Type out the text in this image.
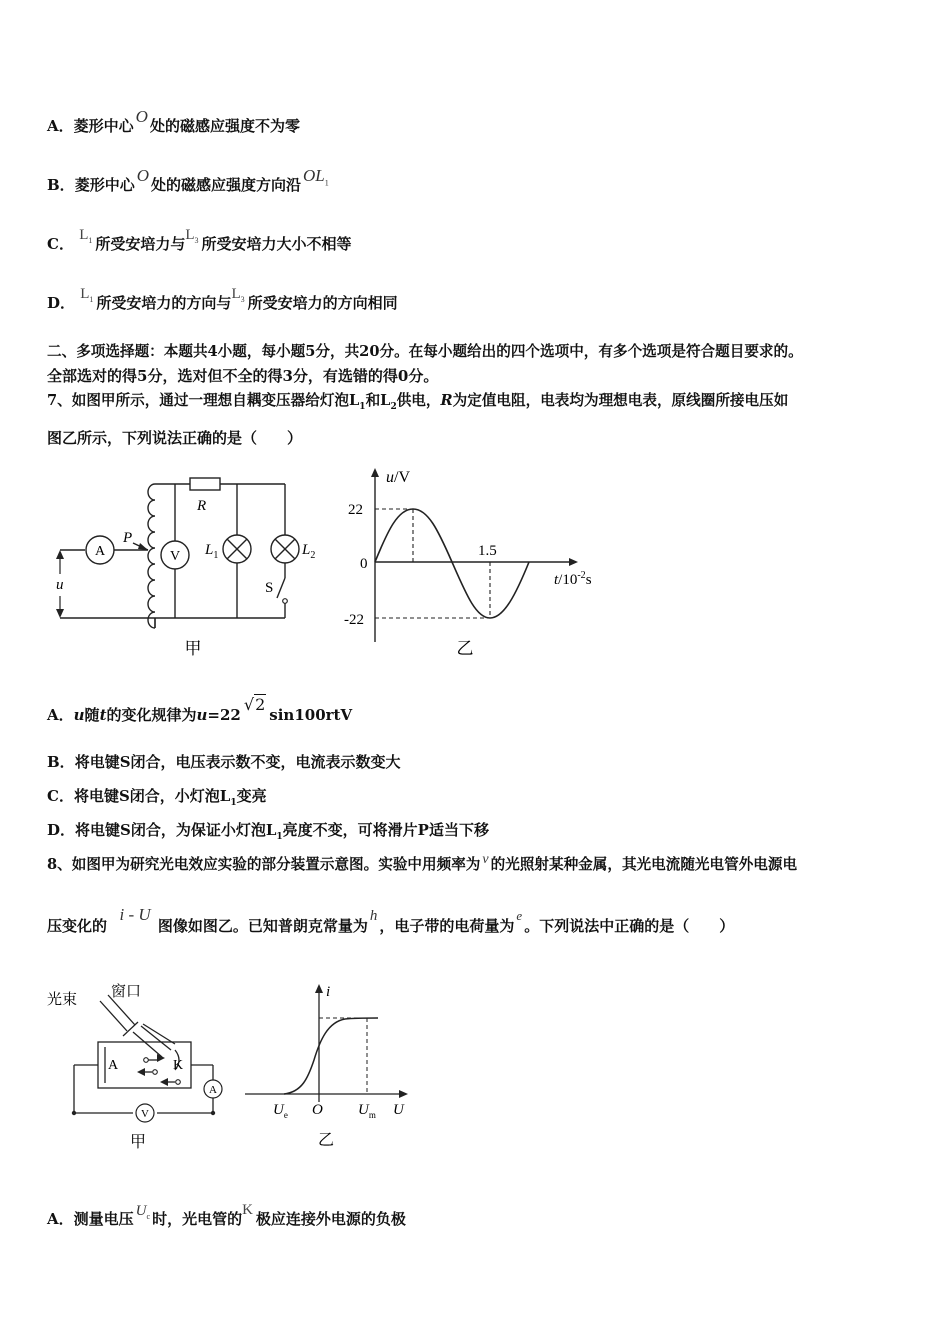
A．菱形中心 O 处的磁感应强度不为零
B．菱形中心 O 处的磁感应强度方向沿 $OL_1$
C． $L_1$ 所受安培力与$L_3$ 所受安培力大小不相等
D． $L_1$ 所受安培力的方向与$L_3$ 所受安培力的方向相同
二、多项选择题：本题共4小题，每小题5分，共20分。在每小题给出的四个选项中，有多个选项是符合题目要求的。
全部选对的得5分，选对但不全的得3分，有选错的得0分。
7、如图甲所示，通过一理想自耦变压器给灯泡$L_1$和$L_2$供电，R为定值电阻，电表均为理想电表，原线圈所接电压如
图乙所示，下列说法正确的是（　　）
A	V
R
P
$L_1$	$L_2$
u	S
甲
u/V
22
0
-22
1.5
$t/10^{-2}s$
乙
A．u随t的变化规律为u=22√2sin100rtV
B．将电键S闭合，电压表示数不变，电流表示数变大
C．将电键S闭合，小灯泡$L_1$变亮
D．将电键S闭合，为保证小灯泡$L_1$亮度不变，可将滑片P适当下移
8、如图甲为研究光电效应实验的部分装置示意图。实验中用频率为 ν 的光照射某种金属，其光电流随光电管外电源电
压变化的  i - U 图像如图乙。已知普朗克常量为h，电子带的电荷量为e。下列说法中正确的是（　　）
A
V
光束 窗口
A	K
甲
i
$U_e$ O $U_m$ U
乙
A．测量电压 $U_c$ 时，光电管的K 极应连接外电源的负极
